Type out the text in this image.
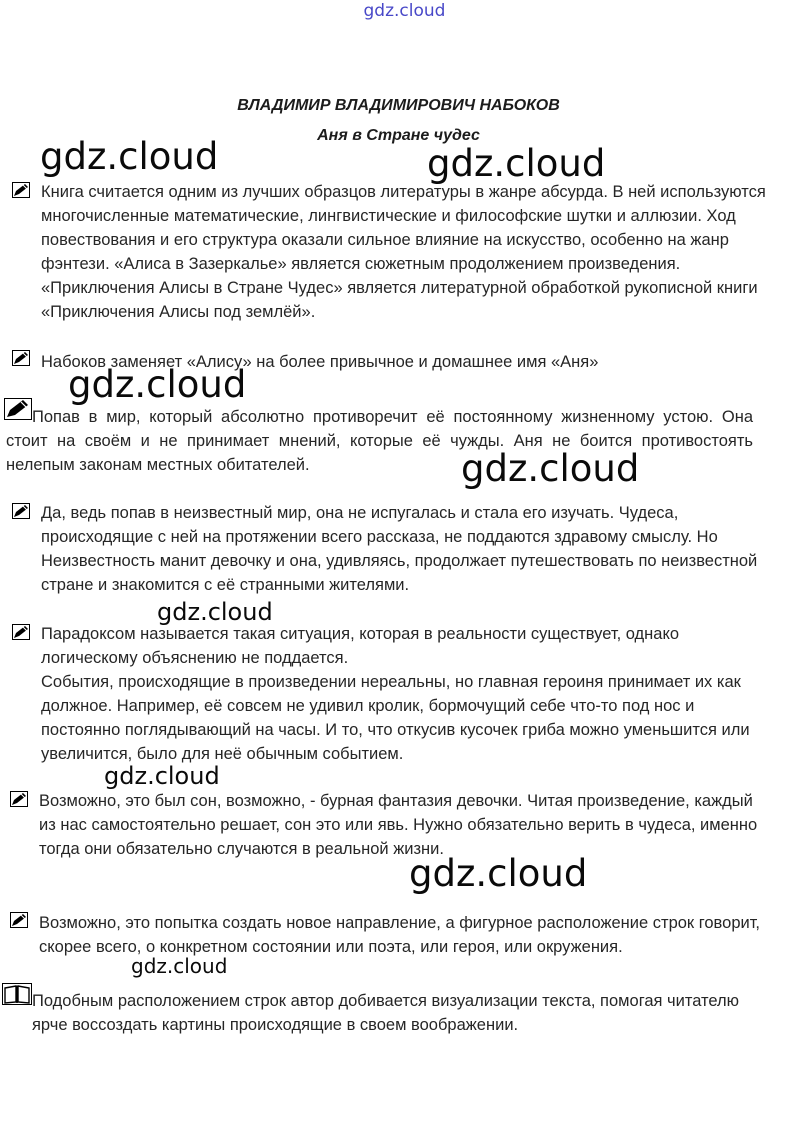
gdz.cloud
ВЛАДИМИР ВЛАДИМИРОВИЧ НАБОКОВ
Аня в Стране чудес

Книга считается одним из лучших образцов литературы в жанре абсурда. В ней используются многочисленные математические, лингвистические и философские шутки и аллюзии. Ход повествования и его структура оказали сильное влияние на искусство, особенно на жанр фэнтези. «Алиса в Зазеркалье» является сюжетным продолжением произведения. «Приключения Алисы в Стране Чудес» является литературной обработкой рукописной книги «Приключения Алисы под землёй».

Набоков заменяет «Алису» на более привычное и домашнее имя «Аня»

Попав в мир, который абсолютно противоречит её постоянному жизненному устою. Она стоит на своём и не принимает мнений, которые её чужды. Аня не боится противостоять нелепым законам местных обитателей.

Да, ведь попав в неизвестный мир, она не испугалась и стала его изучать. Чудеса, происходящие с ней на протяжении всего рассказа, не поддаются здравому смыслу. Но Неизвестность манит девочку и она, удивляясь, продолжает путешествовать по неизвестной стране и знакомится с её странными жителями.

Парадоксом называется такая ситуация, которая в реальности существует, однако логическому объяснению не поддается.
События, происходящие в произведении нереальны, но главная героиня принимает их как должное. Например, её совсем не удивил кролик, бормочущий себе что-то под нос и постоянно поглядывающий на часы. И то, что откусив кусочек гриба можно уменьшится или увеличится, было для неё обычным событием.

Возможно, это был сон, возможно, - бурная фантазия девочки. Читая произведение, каждый из нас самостоятельно решает, сон это или явь. Нужно обязательно верить в чудеса, именно тогда они обязательно случаются в реальной жизни.

Возможно, это попытка создать новое направление, а фигурное расположение строк говорит, скорее всего, о конкретном состоянии или поэта, или героя, или окружения.

Подобным расположением строк автор добивается визуализации текста, помогая читателю ярче воссоздать картины происходящие в своем воображении.

gdz.cloud	gdz.cloud
gdz.cloud
gdz.cloud
gdz.cloud
gdz.cloud
gdz.cloud
gdz.cloud
